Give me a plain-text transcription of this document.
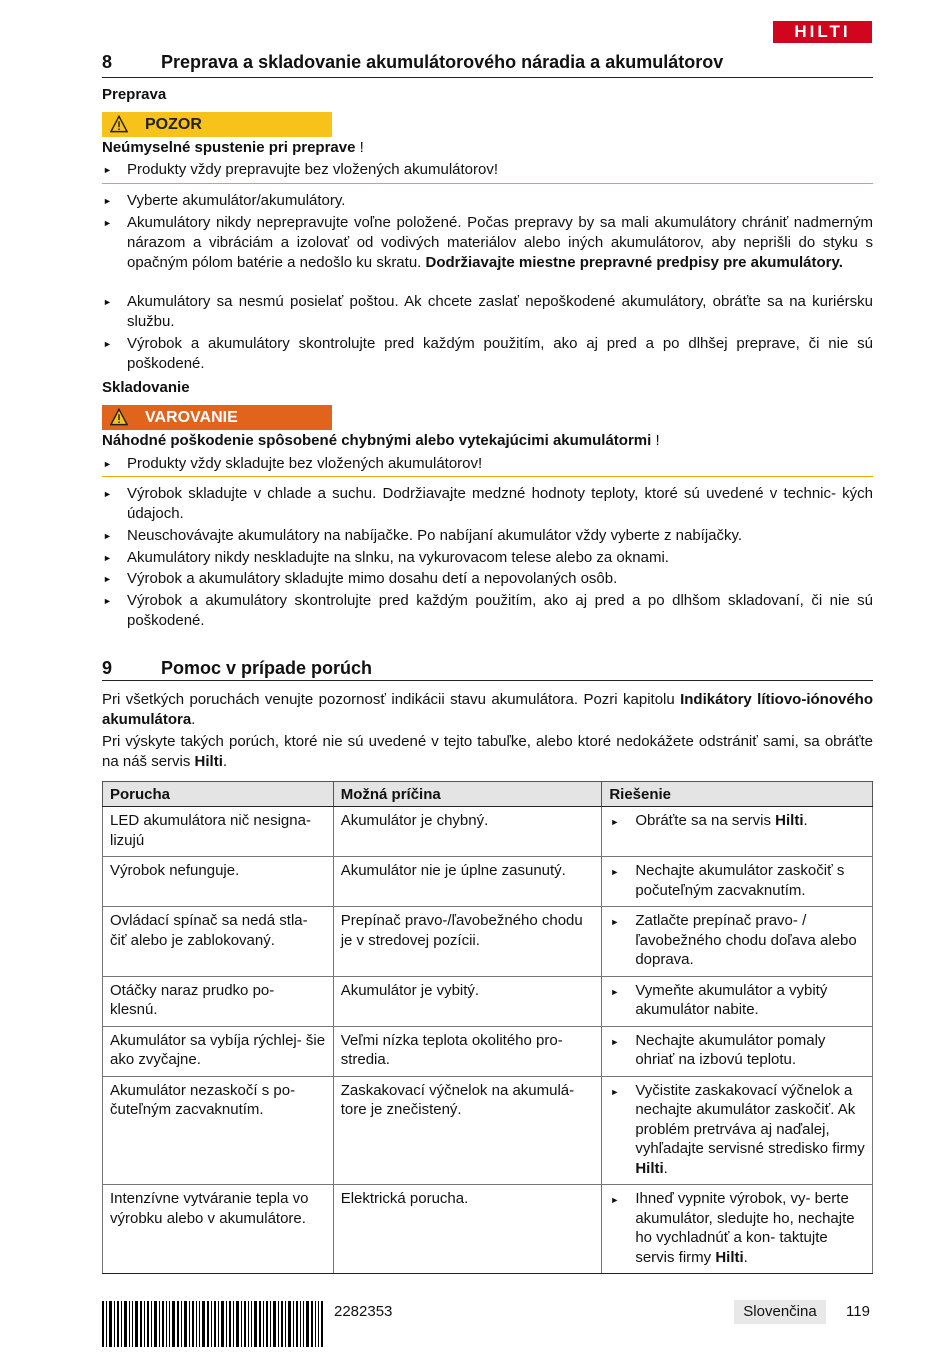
HILTI
8	Preprava a skladovanie akumulátorového náradia a akumulátorov
Preprava
POZOR
Neúmyselné spustenie pri preprave !
► Produkty vždy prepravujte bez vložených akumulátorov!
► Vyberte akumulátor/akumulátory.
► Akumulátory nikdy neprepravujte voľne položené. Počas prepravy by sa mali akumulátory chrániť nadmerným nárazom a vibráciám a izolovať od vodivých materiálov alebo iných akumulátorov, aby neprišli do styku s opačným pólom batérie a nedošlo ku skratu. Dodržiavajte miestne prepravné predpisy pre akumulátory.
► Akumulátory sa nesmú posielať poštou. Ak chcete zaslať nepoškodené akumulátory, obráťte sa na kuriérsku službu.
► Výrobok a akumulátory skontrolujte pred každým použitím, ako aj pred a po dlhšej preprave, či nie sú poškodené.
Skladovanie
VAROVANIE
Náhodné poškodenie spôsobené chybnými alebo vytekajúcimi akumulátormi !
► Produkty vždy skladujte bez vložených akumulátorov!
► Výrobok skladujte v chlade a suchu. Dodržiavajte medzné hodnoty teploty, ktoré sú uvedené v technic- kých údajoch.
► Neuschovávajte akumulátory na nabíjačke. Po nabíjaní akumulátor vždy vyberte z nabíjačky.
► Akumulátory nikdy neskladujte na slnku, na vykurovacom telese alebo za oknami.
► Výrobok a akumulátory skladujte mimo dosahu detí a nepovolaných osôb.
► Výrobok a akumulátory skontrolujte pred každým použitím, ako aj pred a po dlhšom skladovaní, či nie sú poškodené.
9	Pomoc v prípade porúch
Pri všetkých poruchách venujte pozornosť indikácii stavu akumulátora. Pozri kapitolu Indikátory lítiovo-iónového akumulátora.
Pri výskyte takých porúch, ktoré nie sú uvedené v tejto tabuľke, alebo ktoré nedokážete odstrániť sami, sa obráťte na náš servis Hilti.
Porucha	Možná príčina	Riešenie
LED akumulátora nič nesigna- lizujú	Akumulátor je chybný.	► Obráťte sa na servis Hilti.
Výrobok nefunguje.	Akumulátor nie je úplne zasunutý.	► Nechajte akumulátor zaskočiť s počuteľným zacvaknutím.
Ovládací spínač sa nedá stla- čiť alebo je zablokovaný.	Prepínač pravo-/ľavobežného chodu je v stredovej pozícii.	► Zatlačte prepínač pravo- /ľavobežného chodu doľava alebo doprava.
Otáčky naraz prudko po- klesnú.	Akumulátor je vybitý.	► Vymeňte akumulátor a vybitý akumulátor nabite.
Akumulátor sa vybíja rýchlej- šie ako zvyčajne.	Veľmi nízka teplota okolitého pro- stredia.	► Nechajte akumulátor pomaly ohriať na izbovú teplotu.
Akumulátor nezaskočí s po- čuteľným zacvaknutím.	Zaskakovací výčnelok na akumulá- tore je znečistený.	► Vyčistite zaskakovací výčnelok a nechajte akumulátor zaskočiť. Ak problém pretrváva aj naďalej, vyhľadajte servisné stredisko firmy Hilti.
Intenzívne vytváranie tepla vo výrobku alebo v akumulátore.	Elektrická porucha.	► Ihneď vypnite výrobok, vy- berte akumulátor, sledujte ho, nechajte ho vychladnúť a kon- taktujte servis firmy Hilti.
2282353	Slovenčina	119
